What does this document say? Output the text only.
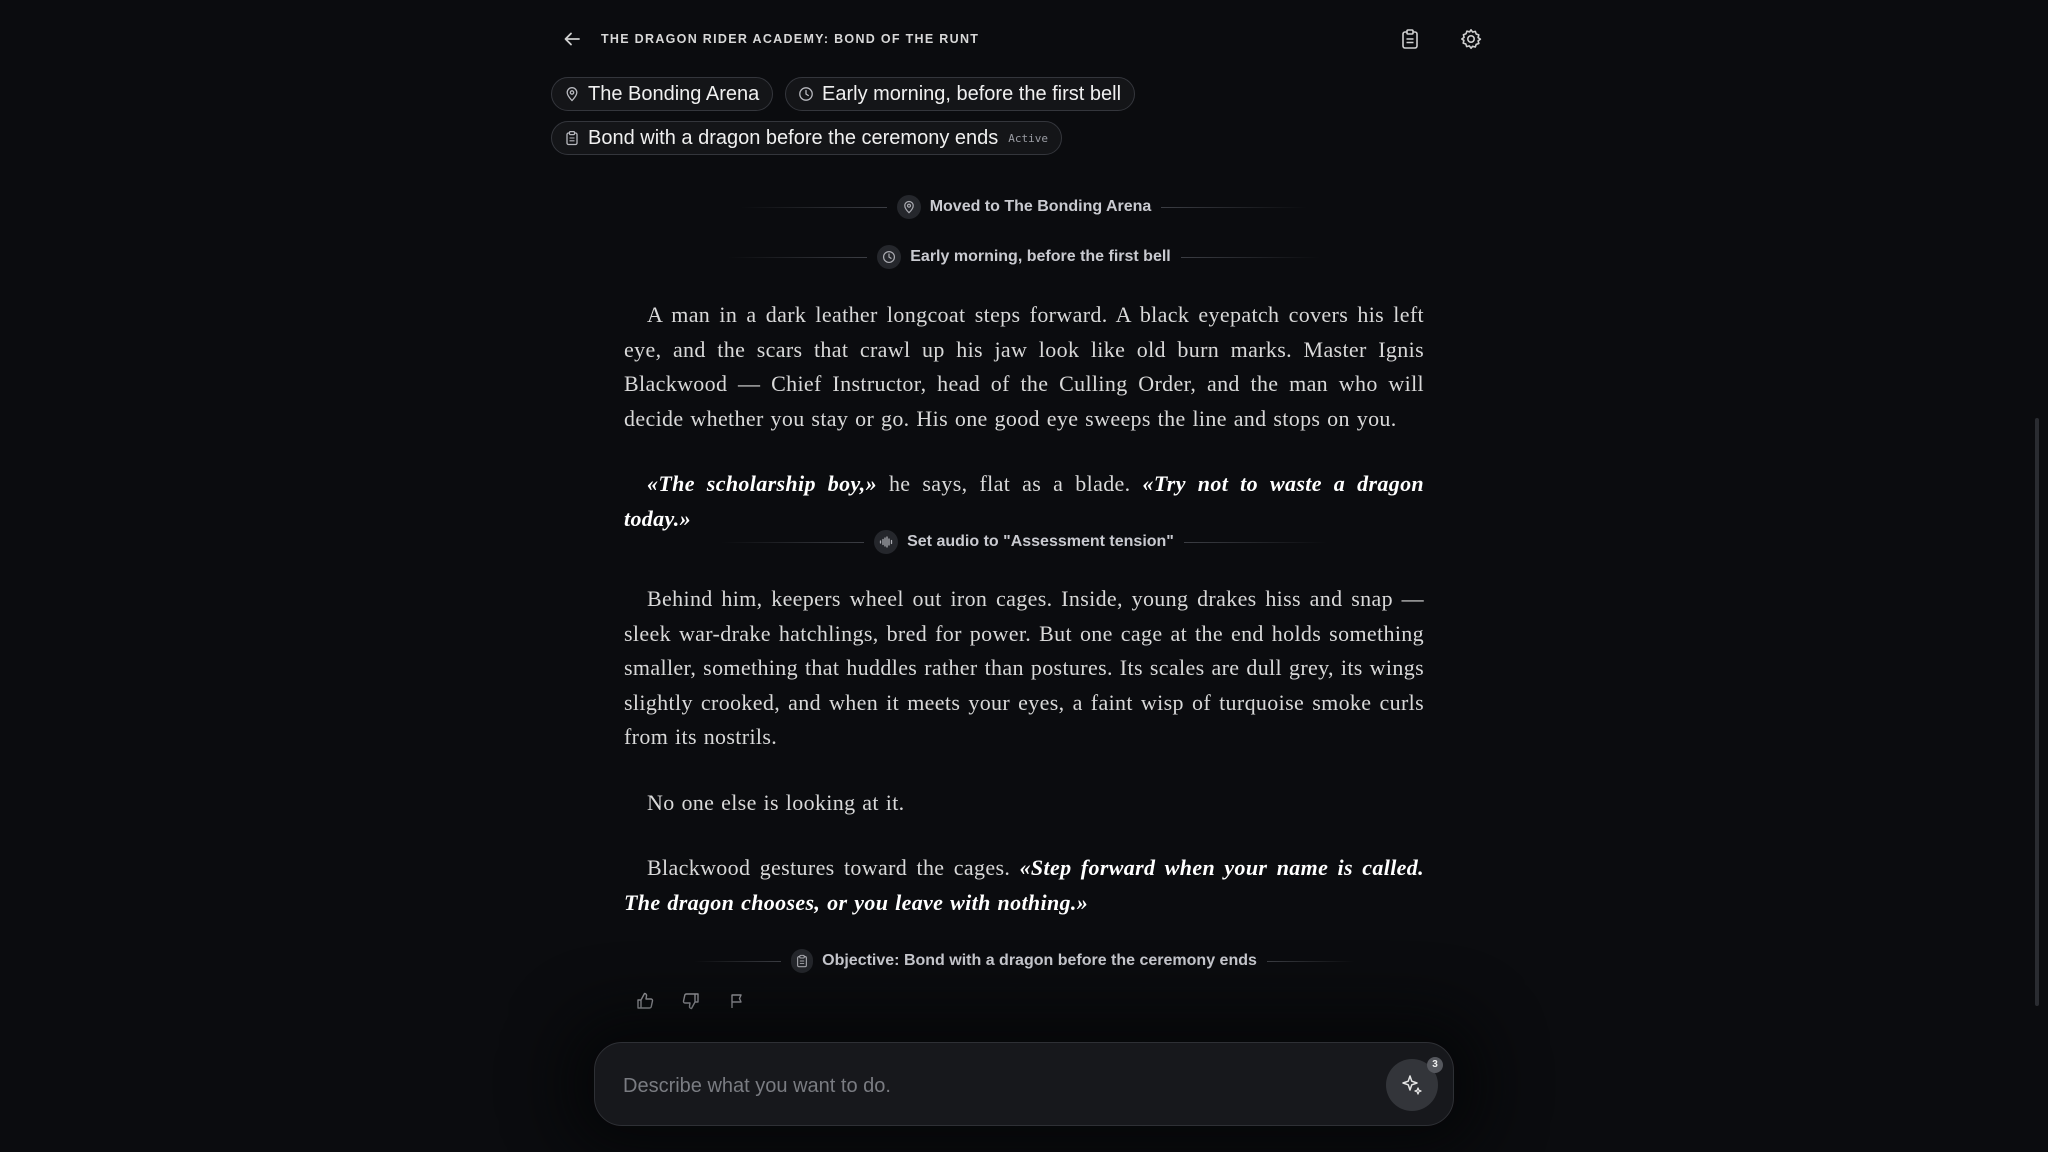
THE DRAGON RIDER ACADEMY: BOND OF THE RUNT
The Bonding Arena	Early morning, before the first bell
Bond with a dragon before the ceremony ends Active
Moved to The Bonding Arena
Early morning, before the first bell

A man in a dark leather longcoat steps forward. A black eyepatch covers his left eye, and the scars that crawl up his jaw look like old burn marks. Master Ignis Blackwood — Chief Instructor, head of the Culling Order, and the man who will decide whether you stay or go. His one good eye sweeps the line and stops on you.

«The scholarship boy,» he says, flat as a blade. «Try not to waste a dragon today.»

Set audio to "Assessment tension"

Behind him, keepers wheel out iron cages. Inside, young drakes hiss and snap — sleek war-drake hatchlings, bred for power. But one cage at the end holds something smaller, something that huddles rather than postures. Its scales are dull grey, its wings slightly crooked, and when it meets your eyes, a faint wisp of turquoise smoke curls from its nostrils.

No one else is looking at it.

Blackwood gestures toward the cages. «Step forward when your name is called. The dragon chooses, or you leave with nothing.»

Objective: Bond with a dragon before the ceremony ends
Describe what you want to do.
3
